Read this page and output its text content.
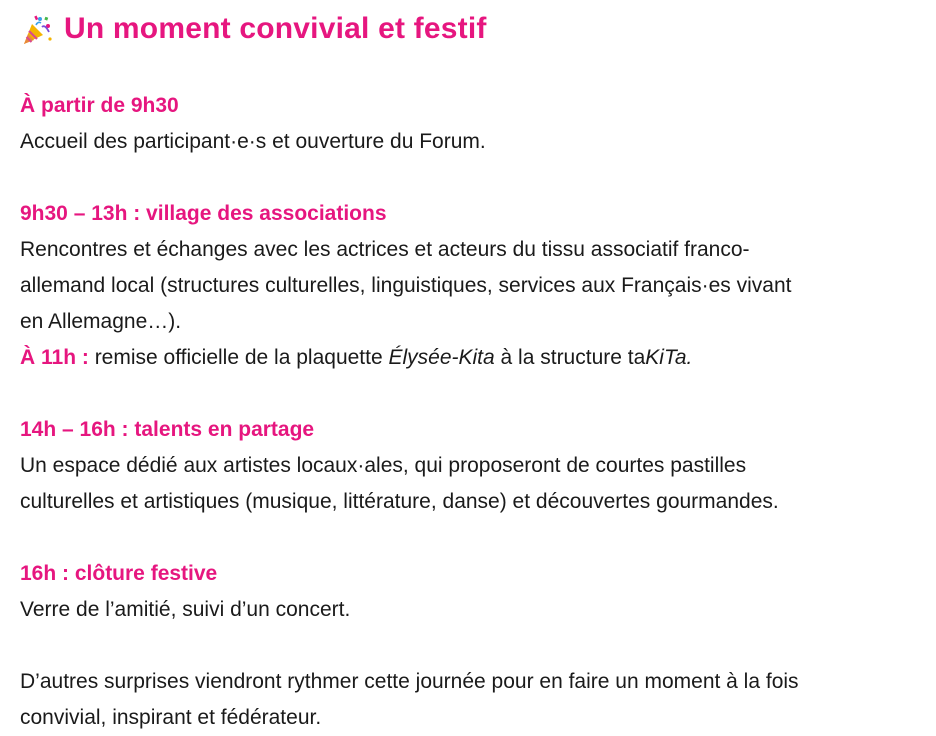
Un moment convivial et festif
À partir de 9h30
Accueil des participant·e·s et ouverture du Forum.
9h30 – 13h : village des associations
Rencontres et échanges avec les actrices et acteurs du tissu associatif franco-
allemand local (structures culturelles, linguistiques, services aux Français·es vivant
en Allemagne…).
À 11h : remise officielle de la plaquette Élysée-Kita à la structure taKiTa.
14h – 16h : talents en partage
Un espace dédié aux artistes locaux·ales, qui proposeront de courtes pastilles
culturelles et artistiques (musique, littérature, danse) et découvertes gourmandes.
16h : clôture festive
Verre de l’amitié, suivi d’un concert.
D’autres surprises viendront rythmer cette journée pour en faire un moment à la fois
convivial, inspirant et fédérateur.
